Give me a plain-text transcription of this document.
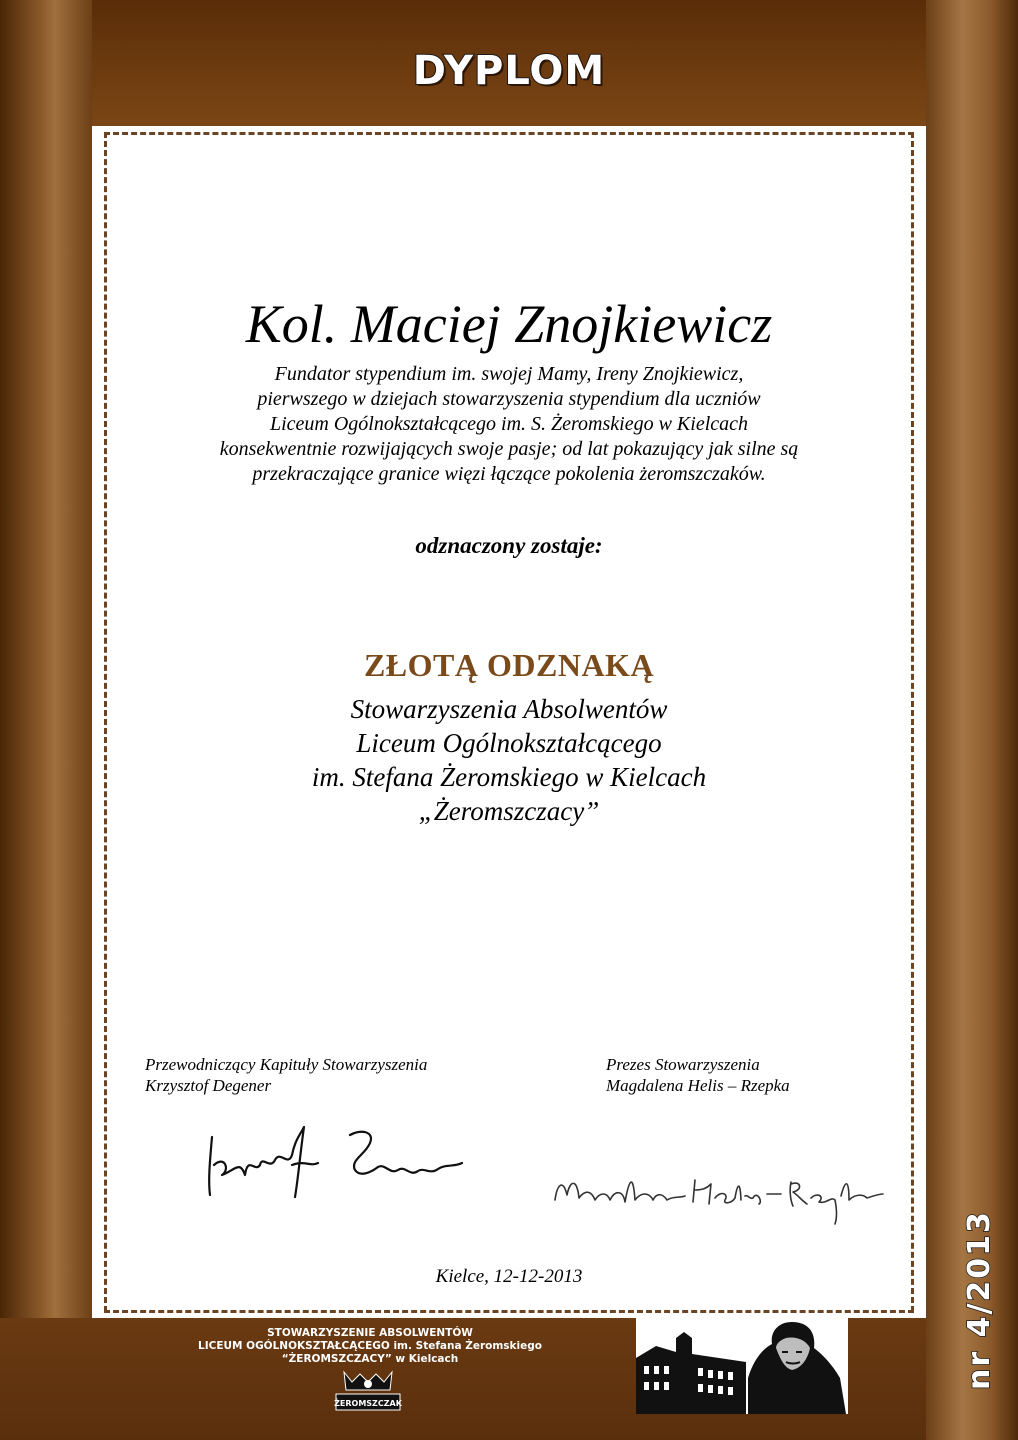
DYPLOM
Kol. Maciej Znojkiewicz
Fundator stypendium im. swojej Mamy, Ireny Znojkiewicz,
pierwszego w dziejach stowarzyszenia stypendium dla uczniów
Liceum Ogólnokształcącego im. S. Żeromskiego w Kielcach
konsekwentnie rozwijających swoje pasje; od lat pokazujący jak silne są
przekraczające granice więzi łączące pokolenia żeromszczaków.
odznaczony zostaje:
ZŁOTĄ ODZNAKĄ
Stowarzyszenia Absolwentów
Liceum Ogólnokształcącego
im. Stefana Żeromskiego w Kielcach
„Żeromszczacy”
Przewodniczący Kapituły Stowarzyszenia
Krzysztof Degener
Prezes Stowarzyszenia
Magdalena Helis – Rzepka
Kielce, 12-12-2013
STOWARZYSZENIE ABSOLWENTÓW
LICEUM OGÓLNOKSZTAŁCĄCEGO im. Stefana Żeromskiego
“ŻEROMSZCZACY” w Kielcach
ŻEROMSZCZAK
nr 4/2013
